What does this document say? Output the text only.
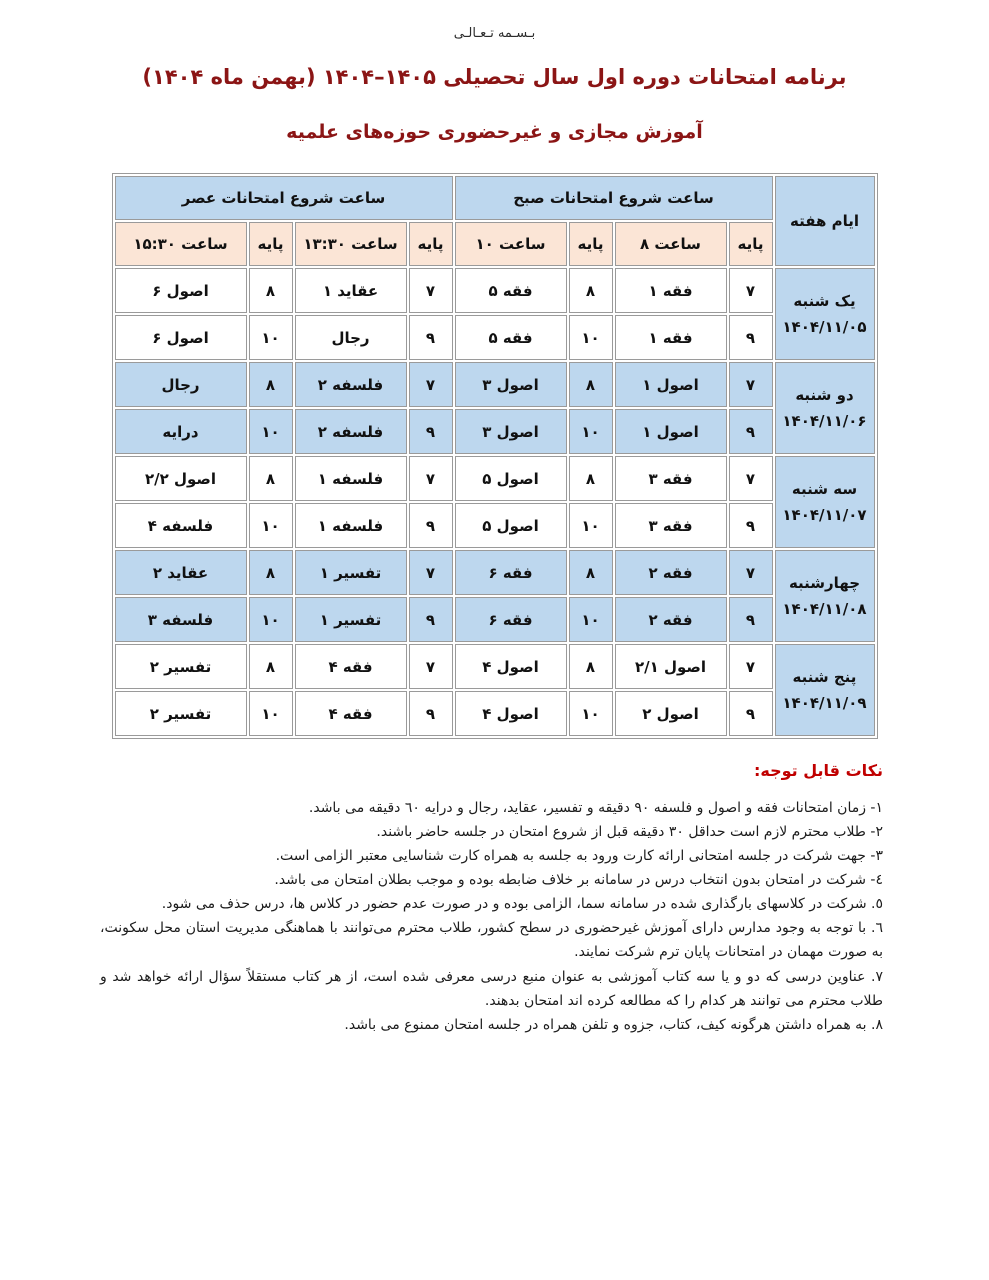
بـسـمه تـعـالـی
برنامه امتحانات دوره اول سال تحصیلی ۱۴۰۵–۱۴۰۴ (بهمن ماه ۱۴۰۴)
آموزش مجازی و غیرحضوری حوزه‌های علمیه
ایام هفته	ساعت شروع امتحانات صبح				ساعت شروع امتحانات عصر			
	پایه	ساعت ۸	پایه	ساعت ۱۰	پایه	ساعت ۱۳:۳۰	پایه	ساعت ۱۵:۳۰

یک شنبه
۱۴۰۴/۱۱/۰۵	۷	فقه ۱	۸	فقه ۵	۷	عقاید ۱	۸	اصول ۶
	۹	فقه ۱	۱۰	فقه ۵	۹	رجال	۱۰	اصول ۶

دو شنبه
۱۴۰۴/۱۱/۰۶	۷	اصول ۱	۸	اصول ۳	۷	فلسفه ۲	۸	رجال
	۹	اصول ۱	۱۰	اصول ۳	۹	فلسفه ۲	۱۰	درایه

سه شنبه
۱۴۰۴/۱۱/۰۷	۷	فقه ۳	۸	اصول ۵	۷	فلسفه ۱	۸	اصول ۲/۲
	۹	فقه ۳	۱۰	اصول ۵	۹	فلسفه ۱	۱۰	فلسفه ۴

چهارشنبه
۱۴۰۴/۱۱/۰۸	۷	فقه ۲	۸	فقه ۶	۷	تفسیر ۱	۸	عقاید ۲
	۹	فقه ۲	۱۰	فقه ۶	۹	تفسیر ۱	۱۰	فلسفه ۳

پنج شنبه
۱۴۰۴/۱۱/۰۹	۷	اصول ۲/۱	۸	اصول ۴	۷	فقه ۴	۸	تفسیر ۲
	۹	اصول ۲	۱۰	اصول ۴	۹	فقه ۴	۱۰	تفسیر ۲
نکات قابل توجه:

۱- زمان امتحانات فقه و اصول و فلسفه ۹۰ دقیقه و تفسیر، عقاید، رجال و درایه ٦٠ دقیقه می باشد.

۲- طلاب محترم لازم است حداقل ۳۰ دقیقه قبل از شروع امتحان در جلسه حاضر باشند.

۳- جهت شرکت در جلسه امتحانی ارائه کارت ورود به جلسه به همراه کارت شناسایی معتبر الزامی است.

٤- شرکت در امتحان بدون انتخاب درس در سامانه بر خلاف ضابطه بوده و موجب بطلان امتحان می باشد.

٥. شرکت در کلاسهای بارگذاری شده در سامانه سما، الزامی بوده و در صورت عدم حضور در کلاس ها، درس حذف می شود.

٦. با توجه به وجود مدارس دارای آموزش غیرحضوری در سطح کشور، طلاب محترم می‌توانند با هماهنگی مدیریت استان محل سکونت، به صورت مهمان در امتحانات پایان ترم شرکت نمایند.

۷. عناوین درسی که دو و یا سه کتاب آموزشی به عنوان منبع درسی معرفی شده است، از هر کتاب مستقلاً سؤال ارائه خواهد شد و طلاب محترم می توانند هر کدام را که مطالعه کرده اند امتحان بدهند.

۸. به همراه داشتن هرگونه کیف، کتاب، جزوه و تلفن همراه در جلسه امتحان ممنوع می باشد.
